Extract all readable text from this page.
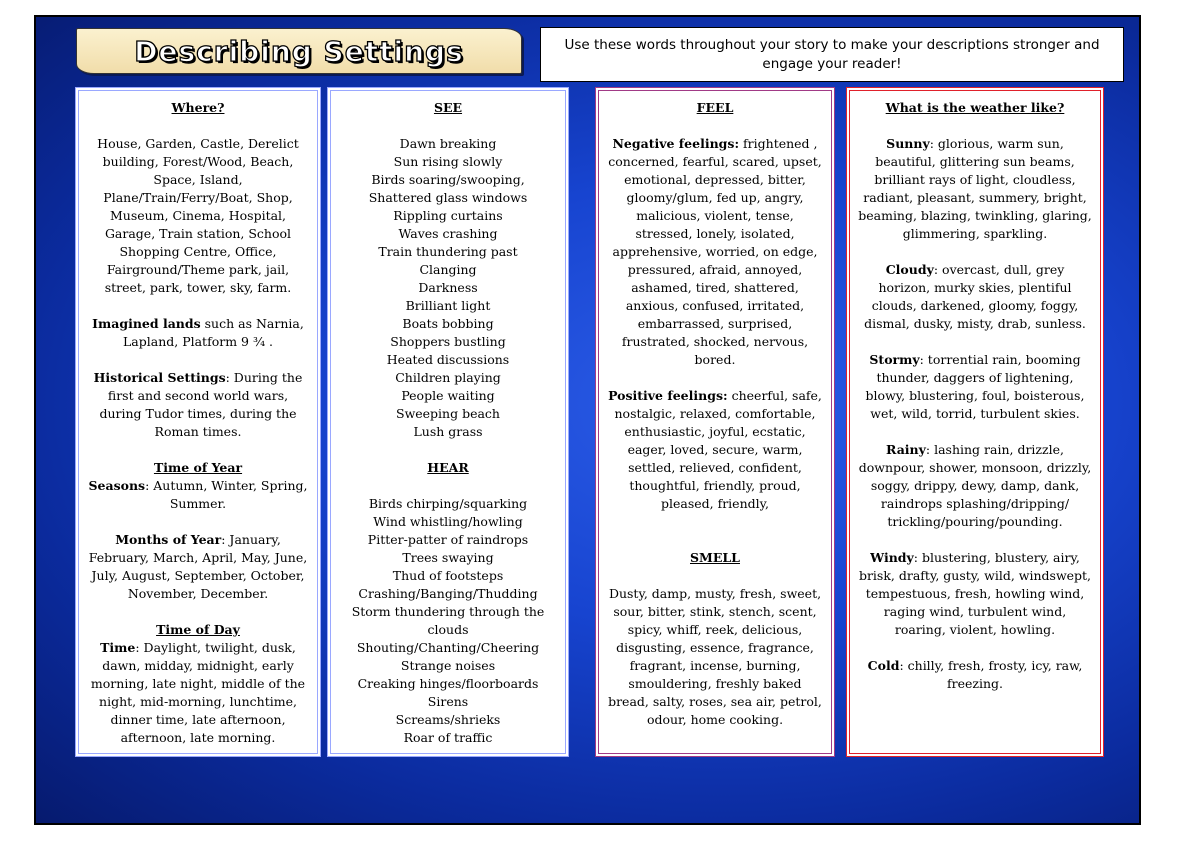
Describing Settings	Use these words throughout your story to make your descriptions stronger and engage your reader!

Where?

House, Garden, Castle, Derelict building, Forest/Wood, Beach, Space, Island, Plane/Train/Ferry/Boat, Shop, Museum, Cinema, Hospital, Garage, Train station, School Shopping Centre, Office, Fairground/Theme park, jail, street, park, tower, sky, farm.

Imagined lands such as Narnia, Lapland, Platform 9 ¾ .

Historical Settings: During the first and second world wars, during Tudor times, during the Roman times.

Time of Year

Seasons: Autumn, Winter, Spring, Summer.

Months of Year: January, February, March, April, May, June, July, August, September, October, November, December.

Time of Day

Time: Daylight, twilight, dusk, dawn, midday, midnight, early morning, late night, middle of the night, mid-morning, lunchtime, dinner time, late afternoon, afternoon, late morning.

SEE

Dawn breaking

Sun rising slowly

Birds soaring/swooping,

Shattered glass windows

Rippling curtains

Waves crashing

Train thundering past

Clanging

Darkness

Brilliant light

Boats bobbing

Shoppers bustling

Heated discussions

Children playing

People waiting

Sweeping beach

Lush grass

HEAR

Birds chirping/squarking

Wind whistling/howling

Pitter-patter of raindrops

Trees swaying

Thud of footsteps

Crashing/Banging/Thudding

Storm thundering through the clouds

Shouting/Chanting/Cheering

Strange noises

Creaking hinges/floorboards

Sirens

Screams/shrieks

Roar of traffic

FEEL

Negative feelings: frightened , concerned, fearful, scared, upset, emotional, depressed, bitter, gloomy/glum, fed up, angry, malicious, violent, tense, stressed, lonely, isolated, apprehensive, worried, on edge, pressured, afraid, annoyed, ashamed, tired, shattered, anxious, confused, irritated, embarrassed, surprised, frustrated, shocked, nervous, bored.

Positive feelings: cheerful, safe, nostalgic, relaxed, comfortable, enthusiastic, joyful, ecstatic, eager, loved, secure, warm, settled, relieved, confident, thoughtful, friendly, proud, pleased, friendly,

SMELL

Dusty, damp, musty, fresh, sweet, sour, bitter, stink, stench, scent, spicy, whiff, reek, delicious, disgusting, essence, fragrance, fragrant, incense, burning, smouldering, freshly baked bread, salty, roses, sea air, petrol, odour, home cooking.

What is the weather like?

Sunny: glorious, warm sun, beautiful, glittering sun beams, brilliant rays of light, cloudless, radiant, pleasant, summery, bright, beaming, blazing, twinkling, glaring, glimmering, sparkling.

Cloudy: overcast, dull, grey horizon, murky skies, plentiful clouds, darkened, gloomy, foggy, dismal, dusky, misty, drab, sunless.

Stormy: torrential rain, booming thunder, daggers of lightening, blowy, blustering, foul, boisterous, wet, wild, torrid, turbulent skies.

Rainy: lashing rain, drizzle, downpour, shower, monsoon, drizzly, soggy, drippy, dewy, damp, dank, raindrops splashing/dripping/ trickling/pouring/pounding.

Windy: blustering, blustery, airy, brisk, drafty, gusty, wild, windswept, tempestuous, fresh, howling wind, raging wind, turbulent wind, roaring, violent, howling.

Cold: chilly, fresh, frosty, icy, raw, freezing.
